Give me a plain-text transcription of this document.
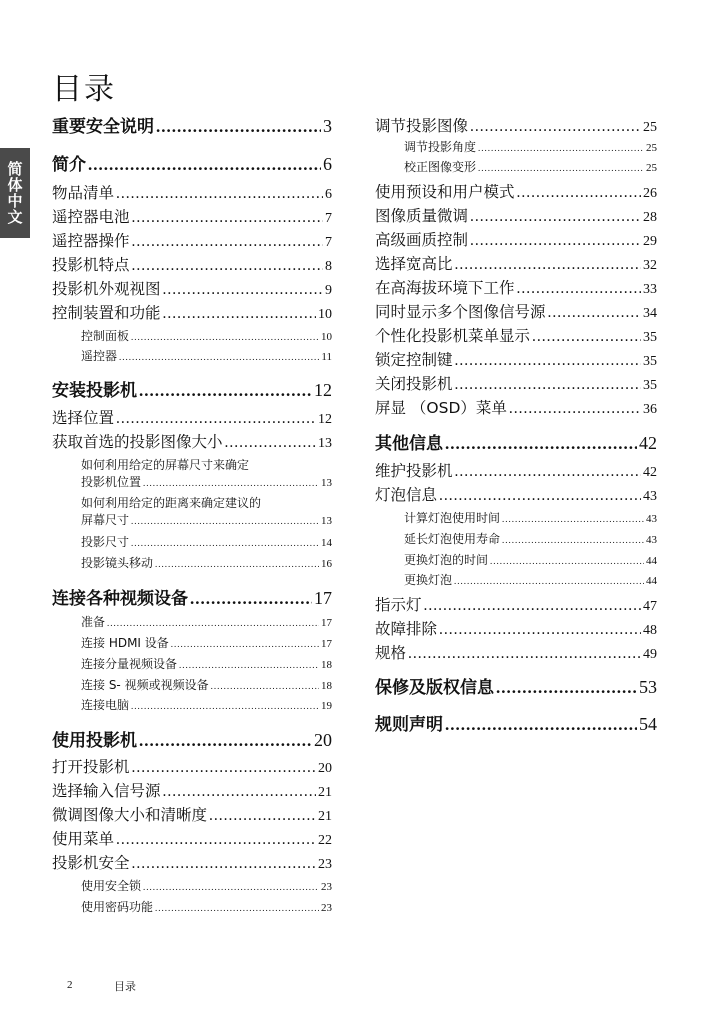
简体中文
目录
重要安全说明 .....	3
简介 .....	6
物品清单 .....	6
遥控器电池 .....	7
遥控器操作 .....	7
投影机特点 .....	8
投影机外观视图 .....	9
控制装置和功能 .....	10
控制面板 .....	10
遥控器 .....	11
安装投影机 .....	12
选择位置 .....	12
获取首选的投影图像大小 .....	13
如何利用给定的屏幕尺寸来确定
投影机位置 .....	13
如何利用给定的距离来确定建议的
屏幕尺寸 .....	13
投影尺寸 .....	14
投影镜头移动 .....	16
连接各种视频设备 .....	17
准备 .....	17
连接 HDMI 设备 .....	17
连接分量视频设备 .....	18
连接 S- 视频或视频设备 .....	18
连接电脑 .....	19
使用投影机 .....	20
打开投影机 .....	20
选择输入信号源 .....	21
微调图像大小和清晰度 .....	21
使用菜单 .....	22
投影机安全 .....	23
使用安全锁 .....	23
使用密码功能 .....	23
调节投影图像 .....	25
调节投影角度 .....	25
校正图像变形 .....	25
使用预设和用户模式 .....	26
图像质量微调 .....	28
高级画质控制 .....	29
选择宽高比 .....	32
在高海拔环境下工作 .....	33
同时显示多个图像信号源 .....	34
个性化投影机菜单显示 .....	35
锁定控制键 .....	35
关闭投影机 .....	35
屏显 （OSD）菜单 .....	36
其他信息 .....	42
维护投影机 .....	42
灯泡信息 .....	43
计算灯泡使用时间 .....	43
延长灯泡使用寿命 .....	43
更换灯泡的时间 .....	44
更换灯泡 .....	44
指示灯 .....	47
故障排除 .....	48
规格 .....	49
保修及版权信息 .....	53
规则声明 .....	54
2	目录
